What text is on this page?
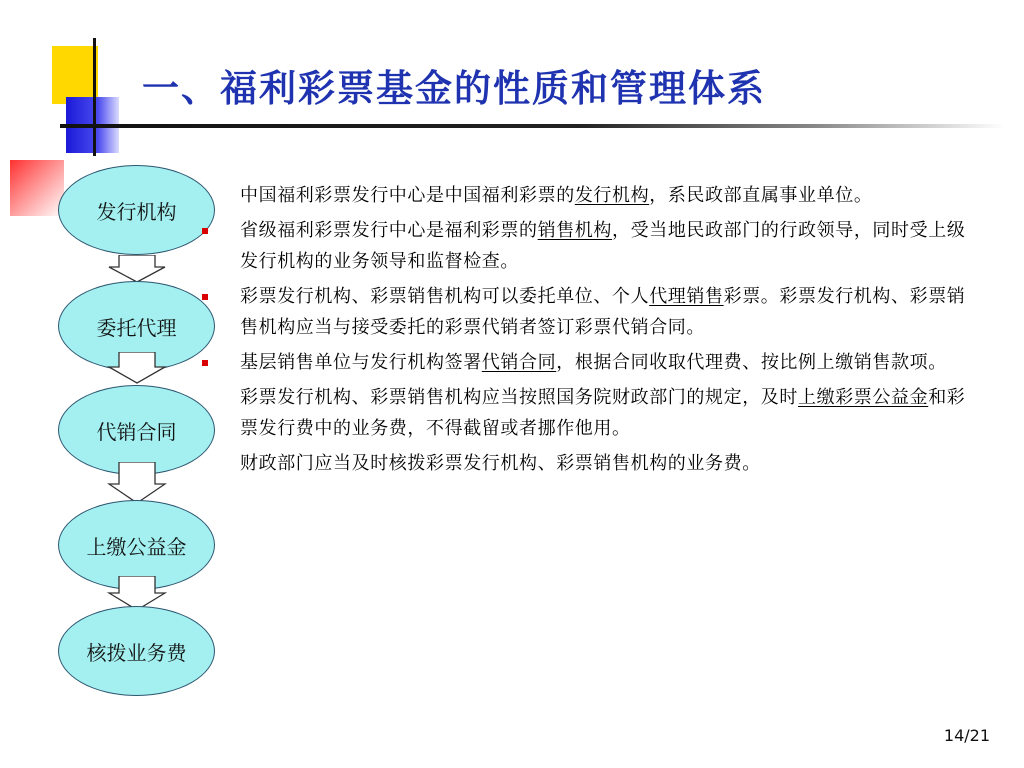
一、福利彩票基金的性质和管理体系
发行机构
委托代理
代销合同
上缴公益金
核拨业务费

中国福利彩票发行中心是中国福利彩票的发行机构，系民政部直属事业单位。

省级福利彩票发行中心是福利彩票的销售机构，受当地民政部门的行政领导，同时受上级发行机构的业务领导和监督检查。

彩票发行机构、彩票销售机构可以委托单位、个人代理销售彩票。彩票发行机构、彩票销售机构应当与接受委托的彩票代销者签订彩票代销合同。

基层销售单位与发行机构签署代销合同，根据合同收取代理费、按比例上缴销售款项。

彩票发行机构、彩票销售机构应当按照国务院财政部门的规定，及时上缴彩票公益金和彩票发行费中的业务费，不得截留或者挪作他用。

财政部门应当及时核拨彩票发行机构、彩票销售机构的业务费。

14/21
